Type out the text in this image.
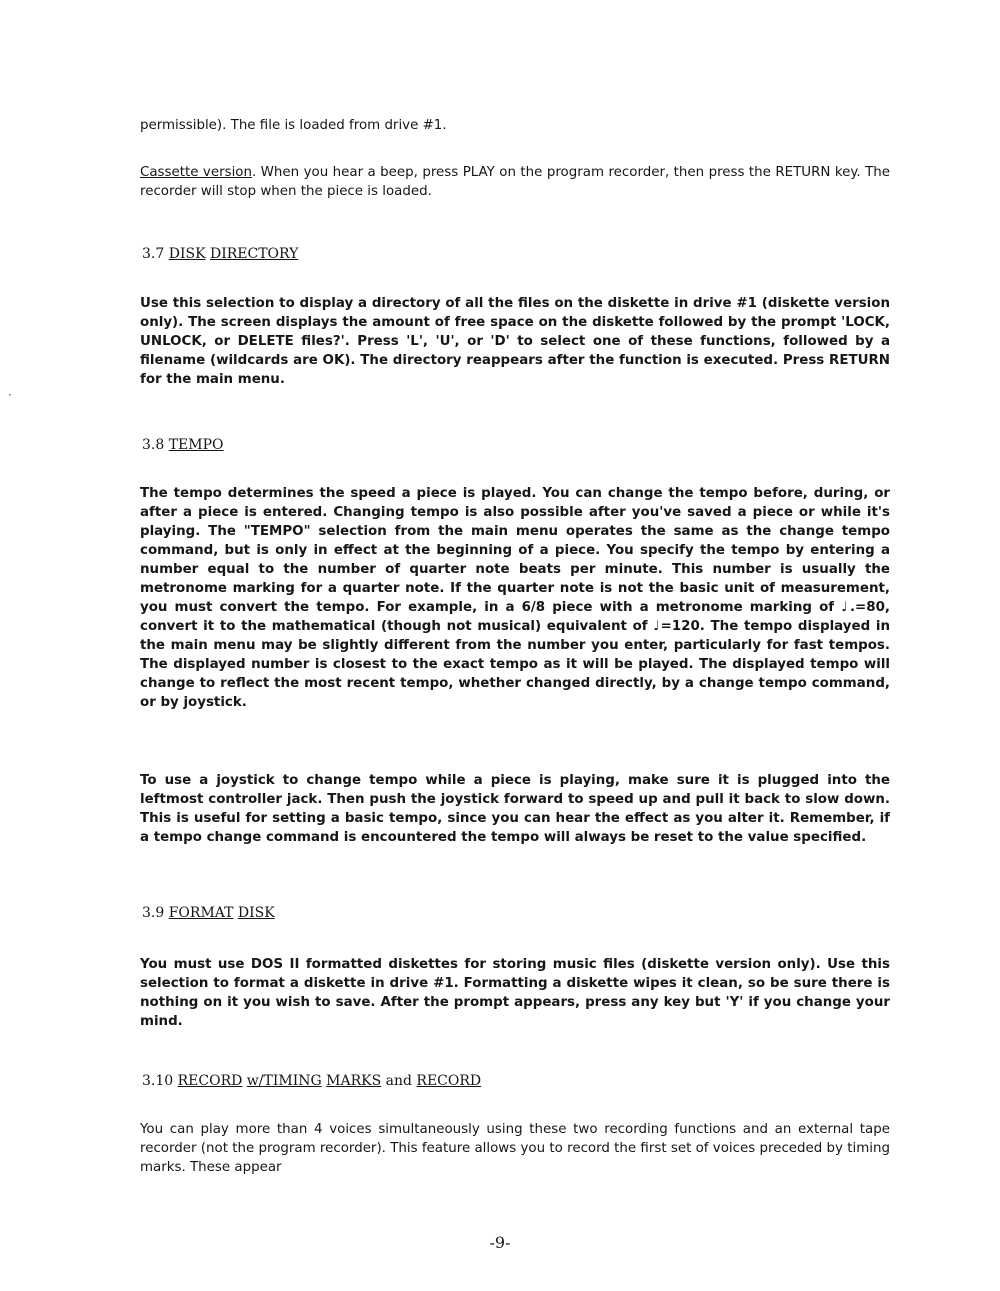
permissible). The file is loaded from drive #1.

Cassette version. When you hear a beep, press PLAY on the program recorder, then press the RETURN key. The recorder will stop when the piece is loaded.

3.7 DISK DIRECTORY

Use this selection to display a directory of all the files on the diskette in drive #1 (diskette version only). The screen displays the amount of free space on the diskette followed by the prompt 'LOCK, UNLOCK, or DELETE files?'. Press 'L', 'U', or 'D' to select one of these functions, followed by a filename (wildcards are OK). The directory reappears after the function is executed. Press RETURN for the main menu.

3.8 TEMPO

The tempo determines the speed a piece is played. You can change the tempo before, during, or after a piece is entered. Changing tempo is also possible after you've saved a piece or while it's playing. The "TEMPO" selection from the main menu operates the same as the change tempo command, but is only in effect at the beginning of a piece. You specify the tempo by entering a number equal to the number of quarter note beats per minute. This number is usually the metronome marking for a quarter note. If the quarter note is not the basic unit of measurement, you must convert the tempo. For example, in a 6/8 piece with a metronome marking of ♩.=80, convert it to the mathematical (though not musical) equivalent of ♩=120. The tempo displayed in the main menu may be slightly different from the number you enter, particularly for fast tempos. The displayed number is closest to the exact tempo as it will be played. The displayed tempo will change to reflect the most recent tempo, whether changed directly, by a change tempo command, or by joystick.

To use a joystick to change tempo while a piece is playing, make sure it is plugged into the leftmost controller jack. Then push the joystick forward to speed up and pull it back to slow down. This is useful for setting a basic tempo, since you can hear the effect as you alter it. Remember, if a tempo change command is encountered the tempo will always be reset to the value specified.

3.9 FORMAT DISK

You must use DOS II formatted diskettes for storing music files (diskette version only). Use this selection to format a diskette in drive #1. Formatting a diskette wipes it clean, so be sure there is nothing on it you wish to save. After the prompt appears, press any key but 'Y' if you change your mind.

3.10 RECORD w/TIMING MARKS and RECORD

You can play more than 4 voices simultaneously using these two recording functions and an external tape recorder (not the program recorder). This feature allows you to record the first set of voices preceded by timing marks. These appear

-9-
·
